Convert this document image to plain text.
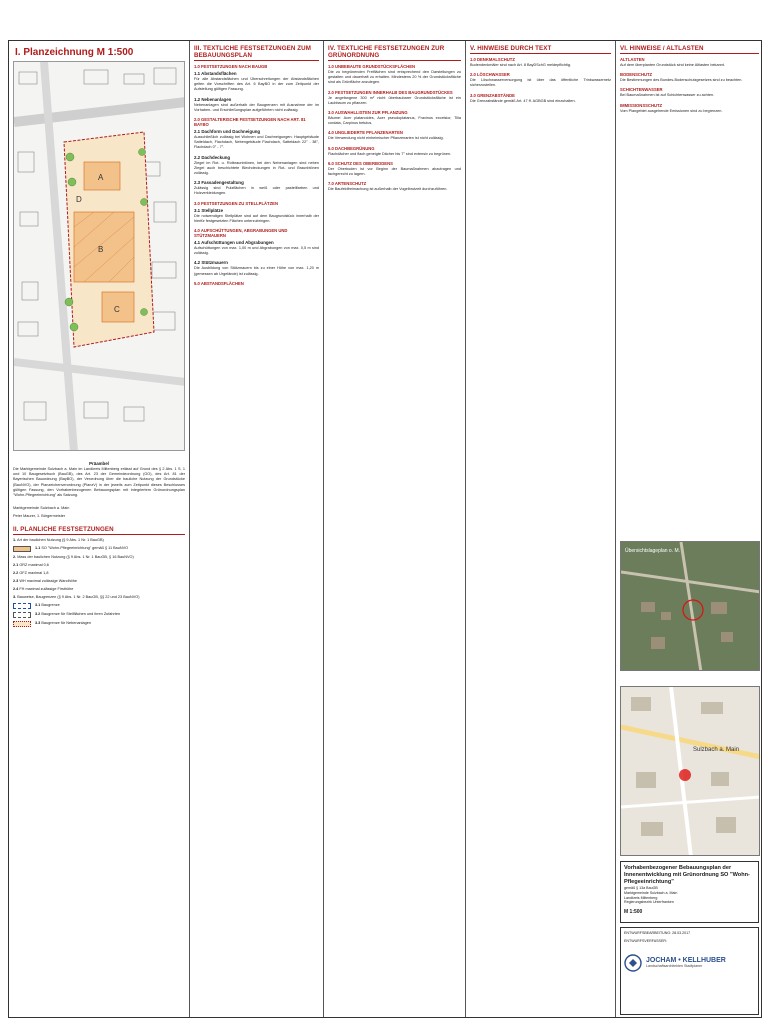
I. Planzeichnung M 1:500
A
B
C
D
Präambel
Die Marktgemeinde Sulzbach a. Main im Landkreis Miltenberg erlässt auf Grund des § 2 Abs. 1 S. 1 und 10 Baugesetzbuch (BauGB), des Art. 23 der Gemeindeordnung (GO), des Art. 81 der Bayerischen Bauordnung (BayBO), der Verordnung über die bauliche Nutzung der Grundstücke (BauNVO), der Planzeichenverordnung (PlanzV) in der jeweils zum Zeitpunkt dieses Beschlusses gültigen Fassung, den Vorhabenbezogenen Bebauungsplan mit integriertem Grünordnungsplan "Wohn-Pflegeeinrichtung" als Satzung.
Marktgemeinde Sulzbach a. Main
Peter Maurer, 1. Bürgermeister
II. PLANLICHE FESTSETZUNGEN
1. Art der baulichen Nutzung (§ 9 Abs. 1 Nr. 1 BauGB)
1.1 SO "Wohn-Pflegeeinrichtung" gemäß § 11 BauNVO
2. Mass der baulichen Nutzung (§ 9 Abs. 1 Nr. 1 BauGB, § 16 BauNVO)
2.1 GRZ maximal 0,6
2.2 GFZ maximal 1,8
2.3 WH maximal zulässige Wandhöhe
2.4 FH maximal zulässige Firsthöhe
3. Bauweise, Baugrenzen (§ 9 Abs. 1 Nr. 2 BauGB, §§ 22 und 23 BauNVO)
3.1 Baugrenze
3.2 Baugrenze für Stellflächen und ihren Zufahrten
3.3 Baugrenze für Nebenanlagen
III. TEXTLICHE FESTSETZUNGEN ZUM BEBAUUNGSPLAN
1.0 FESTSETZUNGEN NACH BAUGB
1.1 Abstandsflächen
Für alle Abstandsflächen und Überschreitungen der Abstandsflächen gelten die Vorschriften des Art. 6 BayBO in der zum Zeitpunkt der Aufstellung gültigen Fassung.
1.2 Nebenanlagen
Nebenanlagen sind außerhalb der Baugrenzen mit Ausnahme der im Vorhaben- und Erschließungsplan aufgeführten nicht zulässig.
2.0 GESTALTERISCHE FESTSETZUNGEN NACH ART. 81 BAYBO
2.1 Dachform und Dachneigung
Ausschließlich zulässig bei Wohnen und Dachneigungen: Hauptgebäude Satteldach, Flachdach, Nebengebäude Flachdach, Satteldach 22° - 38°, Flachdach 0° - 7°.
2.2 Dachdeckung
Ziegel im Rot- u. Rotbraunbtönen, bei den Nebenanlagen sind neben Ziegel auch beschichtete Blechdeckungen in Rot- und Braunbtönen zulässig.
2.3 Fassadengestaltung
Zulässig sind Putzflächen in weiß oder pastellfarben und Holzverkleidungen.
3.0 FESTSETZUNGEN ZU STELLPLÄTZEN
3.1 Stellplätze
Die notwendigen Stellplätze sind auf dem Baugrundstück innerhalb der hierfür festgesetzten Flächen unterzubringen.
4.0 AUFSCHÜTTUNGEN, ABGRABUNGEN UND STÜTZMAUERN
4.1 Aufschüttungen und Abgrabungen
Aufschüttungen von max. 1,00 m und Abgrabungen von max. 0,5 m sind zulässig.
4.2 Stützmauern
Die Ausbildung von Stützmauern bis zu einer Höhe von max. 1,20 m (gemessen ab Urgelände) ist zulässig.
5.0 ABSTANDSFLÄCHEN
IV. TEXTLICHE FESTSETZUNGEN ZUR GRÜNORDNUNG
1.0 UNBEBAUTE GRUNDSTÜCKSFLÄCHEN
Die zu begrünenden Freiflächen sind entsprechend den Darstellungen zu gestalten und dauerhaft zu erhalten. Mindestens 20 % der Grundstücksfläche sind als Grünfläche anzulegen.
2.0 FESTSETZUNGEN INNERHALB DES BAUGRUNDSTÜCKES
Je angefangene 300 m² nicht überbaubarer Grundstücksfläche ist ein Laubbaum zu pflanzen.
3.0 AUSWAHLLISTEN ZUR PFLANZUNG
Bäume: Acer platanoides, Acer pseudoplatanus, Fraxinus excelsior, Tilia cordata, Carpinus betulus.
4.0 UNGLIEDERTE PFLANZENARTEN
Die Verwendung nicht einheimischer Pflanzenarten ist nicht zulässig.
5.0 DACHBEGRÜNUNG
Flachdächer und flach geneigte Dächer bis 7° sind extensiv zu begrünen.
6.0 SCHUTZ DES OBERBODENS
Der Oberboden ist vor Beginn der Baumaßnahmen abzutragen und fachgerecht zu lagern.
7.0 ARTENSCHUTZ
Die Baufeldfreimachung ist außerhalb der Vogelbrutzeit durchzuführen.
V. HINWEISE DURCH TEXT
1.0 DENKMALSCHUTZ
Bodendenkmäler sind nach Art. 8 BayDSchG meldepflichtig.
2.0 LÖSCHWASSER
Die Löschwasserversorgung ist über das öffentliche Trinkwassernetz sicherzustellen.
3.0 GRENZABSTÄNDE
Die Grenzabstände gemäß Art. 47 ff. AGBGB sind einzuhalten.
VI. HINWEISE / ALTLASTEN
ALTLASTEN
Auf dem überplanten Grundstück sind keine Altlasten bekannt.
BODENSCHUTZ
Die Bestimmungen des Bundes-Bodenschutzgesetzes sind zu beachten.
SCHICHTENWASSER
Bei Baumaßnahmen ist auf Schichtenwasser zu achten.
IMMISSIONSSCHUTZ
Vom Plangebiet ausgehende Emissionen sind zu begrenzen.
Übersichtslageplan o. M.
Sulzbach a. Main
Vorhabenbezogener Bebauungsplan der Innenentwicklung mit Grünordnung SO "Wohn-Pflegeeinrichtung"
gemäß § 13a BauGB
Marktgemeinde Sulzbach a. Main
Landkreis Miltenberg
Regierungsbezirk Unterfranken
M 1:500
ENTWURFSBEARBEITUNG: 28.03.2017
ENTWURFSVERFASSER:
JOCHAM • KELLHUBER
Landschaftsarchitekten Stadtplaner
